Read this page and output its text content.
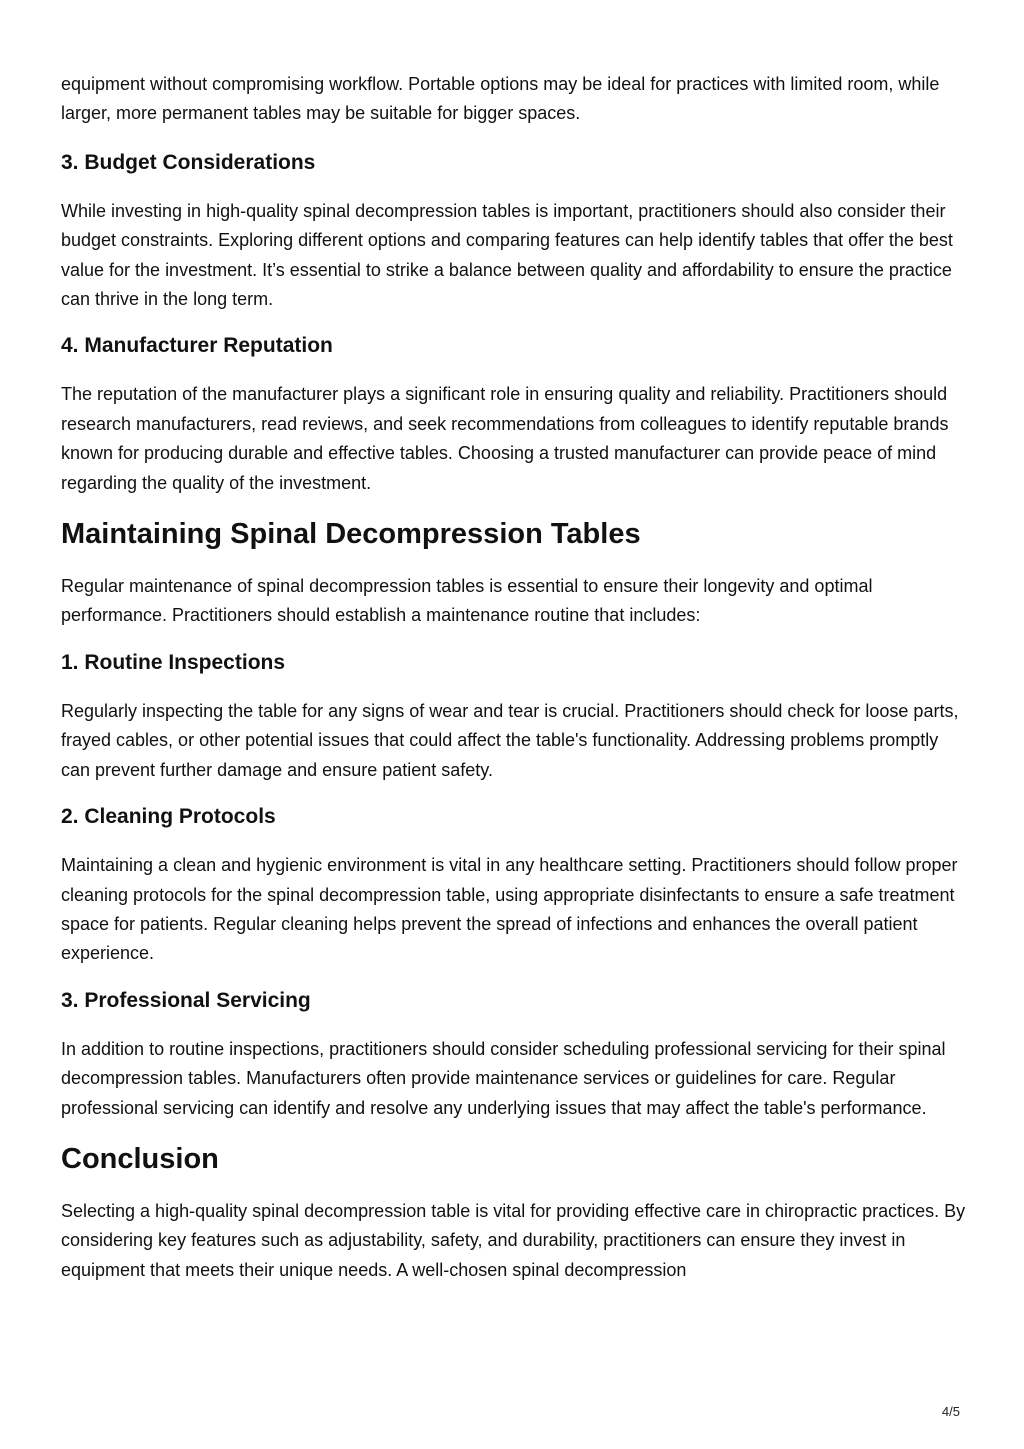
equipment without compromising workflow. Portable options may be ideal for practices with limited room, while larger, more permanent tables may be suitable for bigger spaces.

3. Budget Considerations

While investing in high-quality spinal decompression tables is important, practitioners should also consider their budget constraints. Exploring different options and comparing features can help identify tables that offer the best value for the investment. It’s essential to strike a balance between quality and affordability to ensure the practice can thrive in the long term.

4. Manufacturer Reputation

The reputation of the manufacturer plays a significant role in ensuring quality and reliability. Practitioners should research manufacturers, read reviews, and seek recommendations from colleagues to identify reputable brands known for producing durable and effective tables. Choosing a trusted manufacturer can provide peace of mind regarding the quality of the investment.

Maintaining Spinal Decompression Tables

Regular maintenance of spinal decompression tables is essential to ensure their longevity and optimal performance. Practitioners should establish a maintenance routine that includes:

1. Routine Inspections

Regularly inspecting the table for any signs of wear and tear is crucial. Practitioners should check for loose parts, frayed cables, or other potential issues that could affect the table's functionality. Addressing problems promptly can prevent further damage and ensure patient safety.

2. Cleaning Protocols

Maintaining a clean and hygienic environment is vital in any healthcare setting. Practitioners should follow proper cleaning protocols for the spinal decompression table, using appropriate disinfectants to ensure a safe treatment space for patients. Regular cleaning helps prevent the spread of infections and enhances the overall patient experience.

3. Professional Servicing

In addition to routine inspections, practitioners should consider scheduling professional servicing for their spinal decompression tables. Manufacturers often provide maintenance services or guidelines for care. Regular professional servicing can identify and resolve any underlying issues that may affect the table's performance.

Conclusion

Selecting a high-quality spinal decompression table is vital for providing effective care in chiropractic practices. By considering key features such as adjustability, safety, and durability, practitioners can ensure they invest in equipment that meets their unique needs. A well-chosen spinal decompression

4/5
